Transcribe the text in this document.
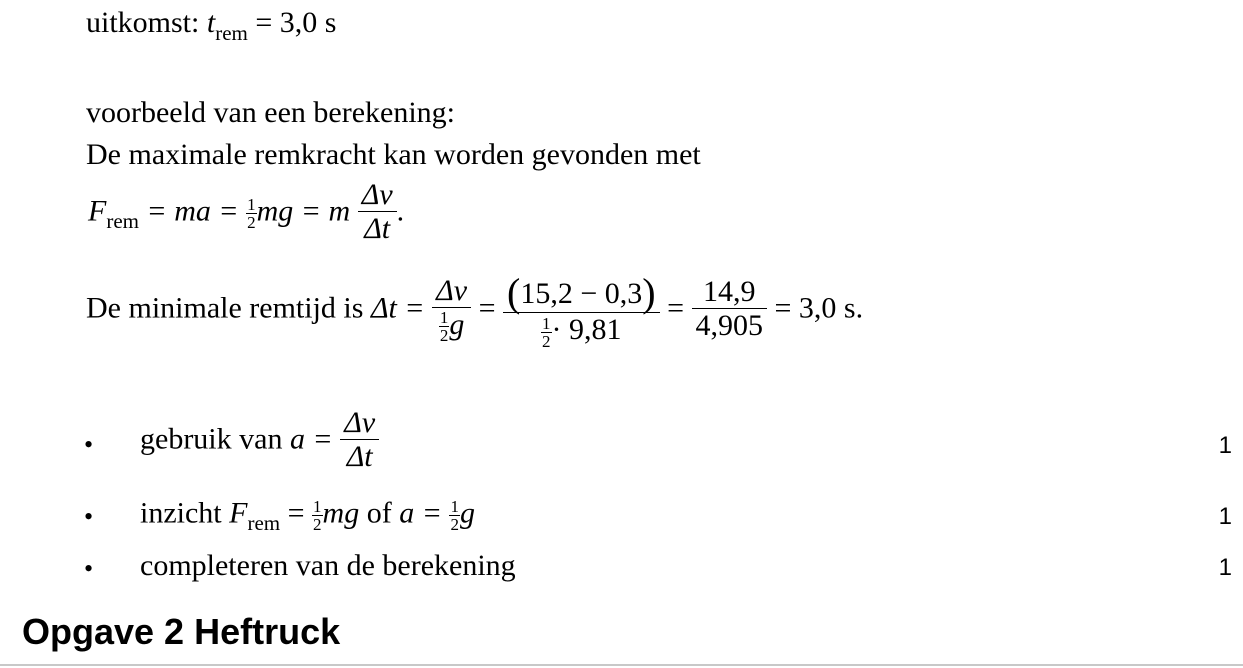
uitkomst: $t_{rem} = 3,0$ s
voorbeeld van een berekening:
De maximale remkracht kan worden gevonden met
$F_{rem}$ = ma = $\frac{1}{2}$ mg = m $\frac{\Delta v}{\Delta t}$ .
De minimale remtijd is $\Delta t = \frac{\Delta v}{\frac{1}{2} g} = \frac{(15,2 - 0,3)}{\frac{1}{2} \cdot 9,81} = \frac{14,9}{4,905} = 3,0$ s.
• gebruik van $a = \frac{\Delta v}{\Delta t}$	1
• inzicht $F_{rem} = \frac{1}{2}$ mg of $a = \frac{1}{2}$ g	1
• completeren van de berekening	1
Opgave 2 Heftruck
